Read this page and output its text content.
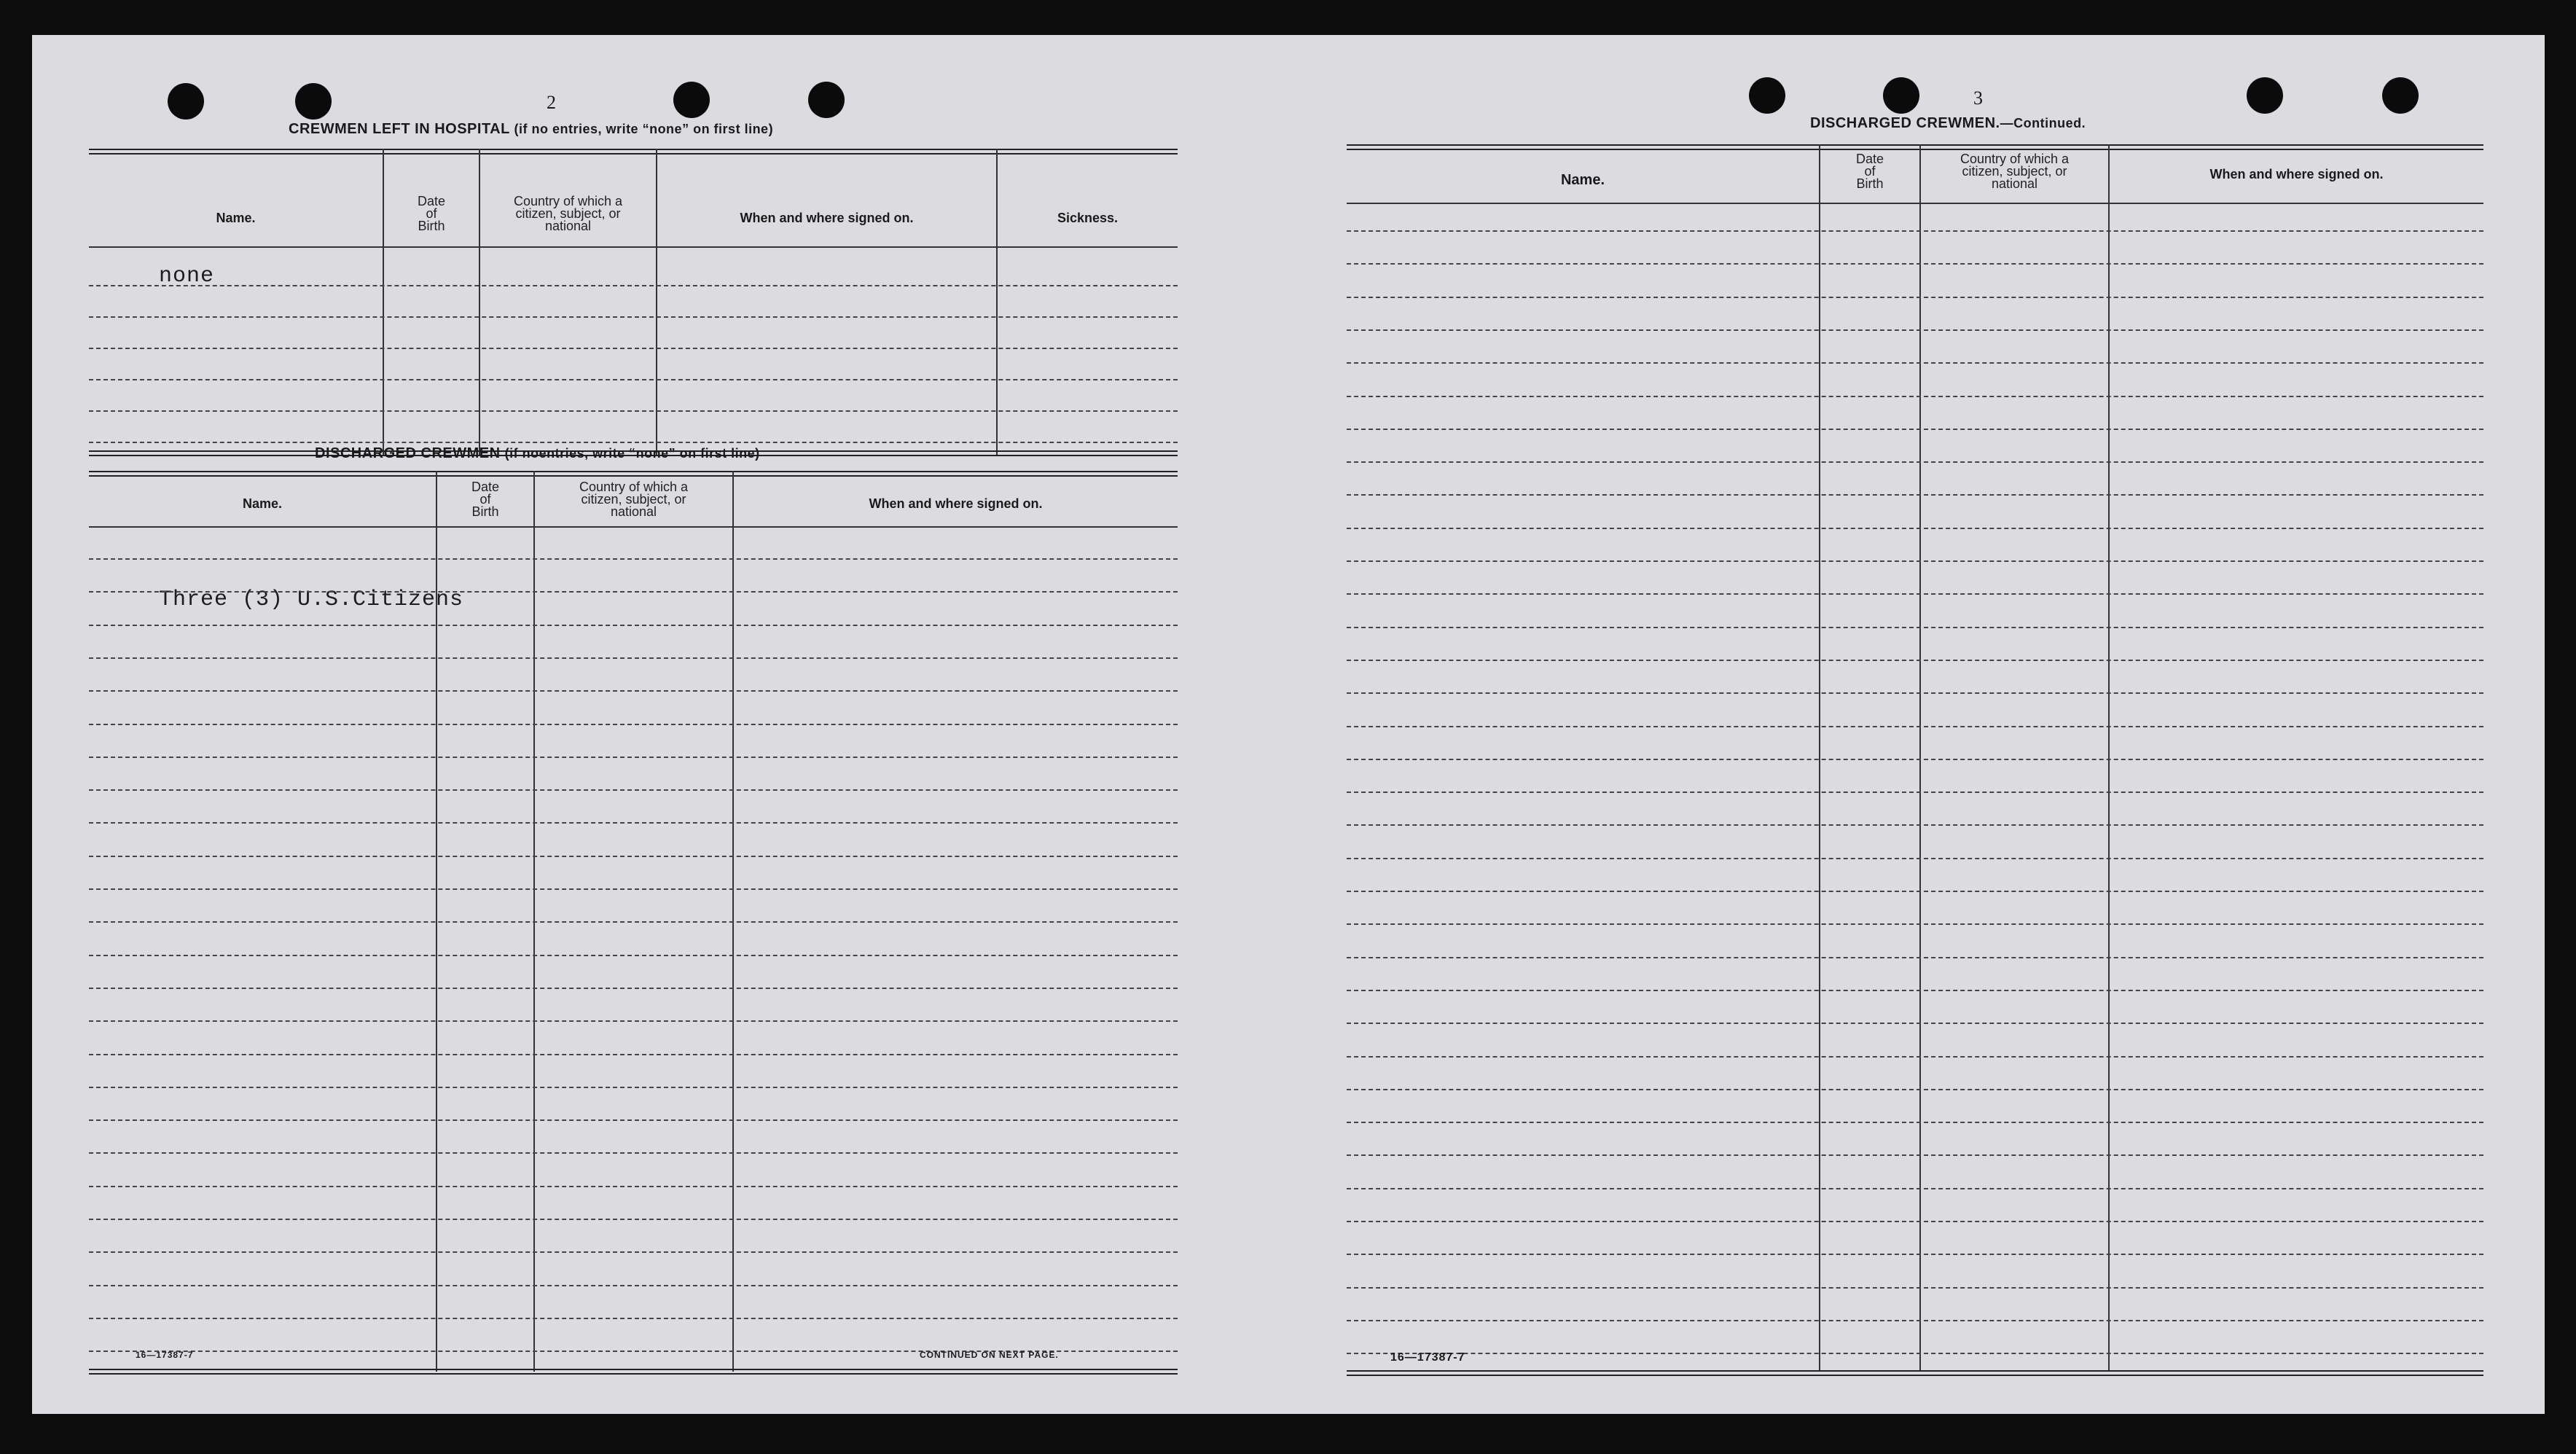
2
CREWMEN LEFT IN HOSPITAL (if no entries, write “none” on first line)
Name.
Date
of
Birth
Country of which a
citizen, subject, or
national
When and where signed on.	Sickness.
none
DISCHARGED CREWMEN (if noentries, write “none” on first line)
Name.
Date
of
Birth
Country of which a
citizen, subject, or
national
When and where signed on.
Three (3) U.S.Citizens
16—17387-7	CONTINUED ON NEXT PAGE.
3
DISCHARGED CREWMEN.—Continued.
Name.
Date
of
Birth
Country of which a
citizen, subject, or
national
When and where signed on.
16—17387-7
